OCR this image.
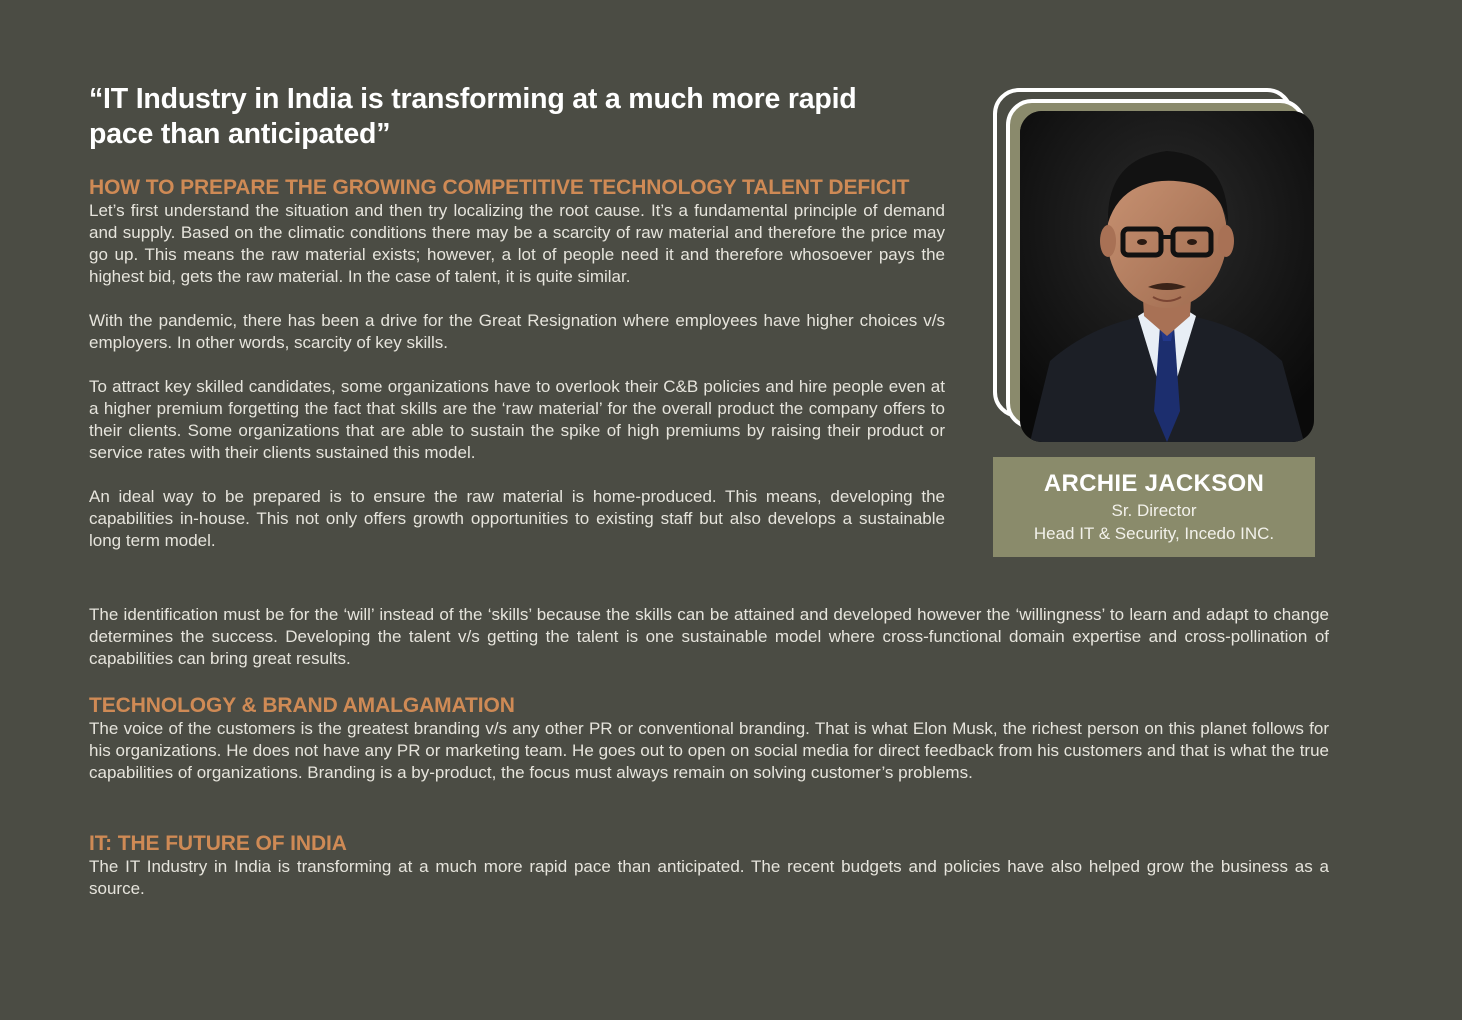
“IT Industry in India is transforming at a much more rapid pace than anticipated”
HOW TO PREPARE THE GROWING COMPETITIVE TECHNOLOGY TALENT DEFICIT

Let’s first understand the situation and then try localizing the root cause. It’s a fundamental principle of demand and supply. Based on the climatic conditions there may be a scarcity of raw material and therefore the price may go up. This means the raw material exists; however, a lot of people need it and therefore whosoever pays the highest bid, gets the raw material. In the case of talent, it is quite similar.

With the pandemic, there has been a drive for the Great Resignation where employees have higher choices v/s employers. In other words, scarcity of key skills.

To attract key skilled candidates, some organizations have to overlook their C&B policies and hire people even at a higher premium forgetting the fact that skills are the ‘raw material’ for the overall product the company offers to their clients. Some organizations that are able to sustain the spike of high premiums by raising their product or service rates with their clients sustained this model.

An ideal way to be prepared is to ensure the raw material is home-produced. This means, developing the capabilities in-house. This not only offers growth opportunities to existing staff but also develops a sustainable long term model.

The identification must be for the ‘will’ instead of the ‘skills’ because the skills can be attained and developed however the ‘willingness’ to learn and adapt to change determines the success. Developing the talent v/s getting the talent is one sustainable model where cross-functional domain expertise and cross-pollination of capabilities can bring great results.

TECHNOLOGY & BRAND AMALGAMATION

The voice of the customers is the greatest branding v/s any other PR or conventional branding. That is what Elon Musk, the richest person on this planet follows for his organizations. He does not have any PR or marketing team. He goes out to open on social media for direct feedback from his customers and that is what the true capabilities of organizations. Branding is a by-product, the focus must always remain on solving customer’s problems.

IT: THE FUTURE OF INDIA

The IT Industry in India is transforming at a much more rapid pace than anticipated. The recent budgets and policies have also helped grow the business as a source.

ARCHIE JACKSON
Sr. Director
Head IT & Security, Incedo INC.
